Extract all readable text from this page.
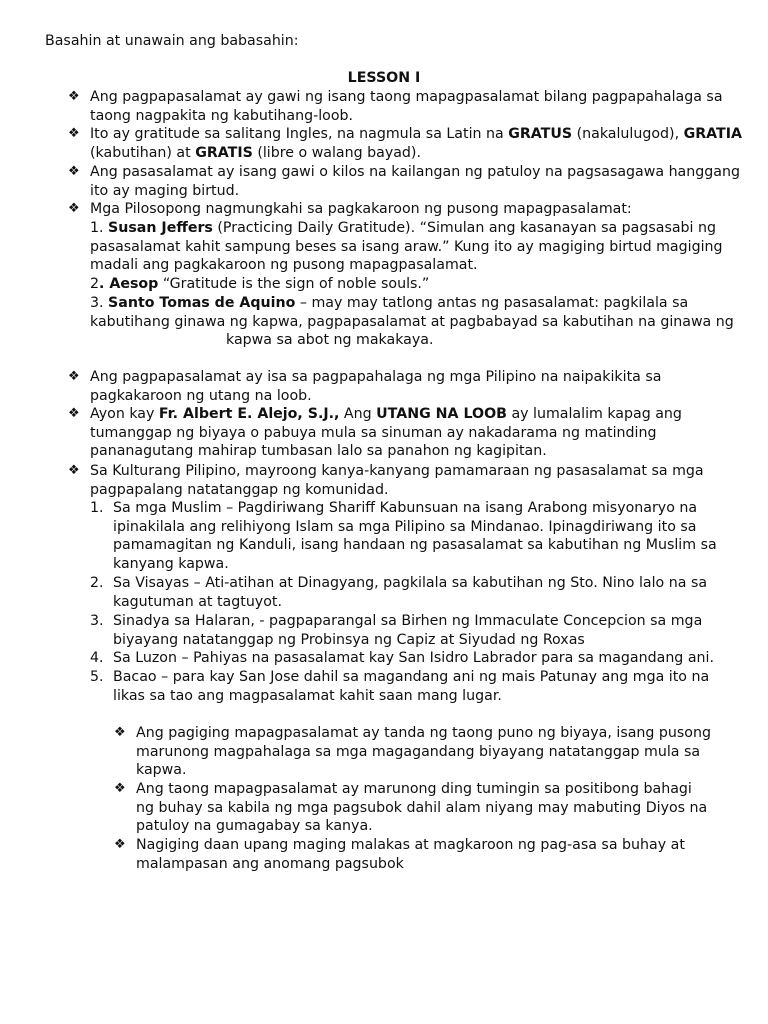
Basahin at unawain ang babasahin:
LESSON I
❖ Ang pagpapasalamat ay gawi ng isang taong mapagpasalamat bilang pagpapahalaga sa taong nagpakita ng kabutihang-loob.
❖ Ito ay gratitude sa salitang Ingles, na nagmula sa Latin na GRATUS (nakalulugod), GRATIA (kabutihan) at GRATIS (libre o walang bayad).
❖ Ang pasasalamat ay isang gawi o kilos na kailangan ng patuloy na pagsasagawa hanggang ito ay maging birtud.
❖ Mga Pilosopong nagmungkahi sa pagkakaroon ng pusong mapagpasalamat:
1. Susan Jeffers (Practicing Daily Gratitude). “Simulan ang kasanayan sa pagsasabi ng pasasalamat kahit sampung beses sa isang araw.” Kung ito ay magiging birtud magiging madali ang pagkakaroon ng pusong mapagpasalamat.
2. Aesop “Gratitude is the sign of noble souls.”
3. Santo Tomas de Aquino – may may tatlong antas ng pasasalamat: pagkilala sa kabutihang ginawa ng kapwa, pagpapasalamat at pagbabayad sa kabutihan na ginawa ng
kapwa sa abot ng makakaya.
❖ Ang pagpapasalamat ay isa sa pagpapahalaga ng mga Pilipino na naipakikita sa pagkakaroon ng utang na loob.
❖ Ayon kay Fr. Albert E. Alejo, S.J., Ang UTANG NA LOOB ay lumalalim kapag ang tumanggap ng biyaya o pabuya mula sa sinuman ay nakadarama ng matinding pananagutang mahirap tumbasan lalo sa panahon ng kagipitan.
❖ Sa Kulturang Pilipino, mayroong kanya-kanyang pamamaraan ng pasasalamat sa mga pagpapalang natatanggap ng komunidad.
1. Sa mga Muslim – Pagdiriwang Shariff Kabunsuan na isang Arabong misyonaryo na ipinakilala ang relihiyong Islam sa mga Pilipino sa Mindanao. Ipinagdiriwang ito sa pamamagitan ng Kanduli, isang handaan ng pasasalamat sa kabutihan ng Muslim sa kanyang kapwa.
2. Sa Visayas – Ati-atihan at Dinagyang, pagkilala sa kabutihan ng Sto. Nino lalo na sa kagutuman at tagtuyot.
3. Sinadya sa Halaran, - pagpaparangal sa Birhen ng Immaculate Concepcion sa mga biyayang natatanggap ng Probinsya ng Capiz at Siyudad ng Roxas
4. Sa Luzon – Pahiyas na pasasalamat kay San Isidro Labrador para sa magandang ani.
5. Bacao – para kay San Jose dahil sa magandang ani ng mais Patunay ang mga ito na likas sa tao ang magpasalamat kahit saan mang lugar.
❖ Ang pagiging mapagpasalamat ay tanda ng taong puno ng biyaya, isang pusong marunong magpahalaga sa mga magagandang biyayang natatanggap mula sa kapwa.
❖ Ang taong mapagpasalamat ay marunong ding tumingin sa positibong bahagi ng buhay sa kabila ng mga pagsubok dahil alam niyang may mabuting Diyos na patuloy na gumagabay sa kanya.
❖ Nagiging daan upang maging malakas at magkaroon ng pag-asa sa buhay at malampasan ang anomang pagsubok
